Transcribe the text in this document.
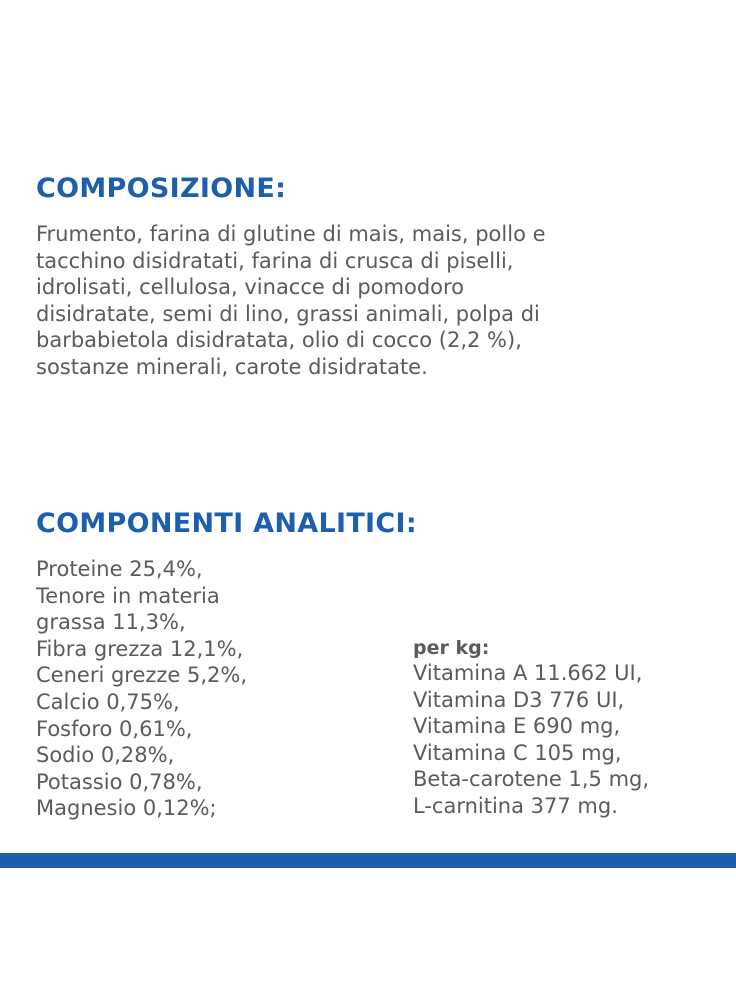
COMPOSIZIONE:
Frumento, farina di glutine di mais, mais, pollo e
tacchino disidratati, farina di crusca di piselli,
idrolisati, cellulosa, vinacce di pomodoro
disidratate, semi di lino, grassi animali, polpa di
barbabietola disidratata, olio di cocco (2,2 %),
sostanze minerali, carote disidratate.
COMPONENTI ANALITICI:
Proteine 25,4%,
Tenore in materia
grassa 11,3%,
Fibra grezza 12,1%,
Ceneri grezze 5,2%,
Calcio 0,75%,
Fosforo 0,61%,
Sodio 0,28%,
Potassio 0,78%,
Magnesio 0,12%;
per kg:
Vitamina A 11.662 UI,
Vitamina D3 776 UI,
Vitamina E 690 mg,
Vitamina C 105 mg,
Beta-carotene 1,5 mg,
L-carnitina 377 mg.
